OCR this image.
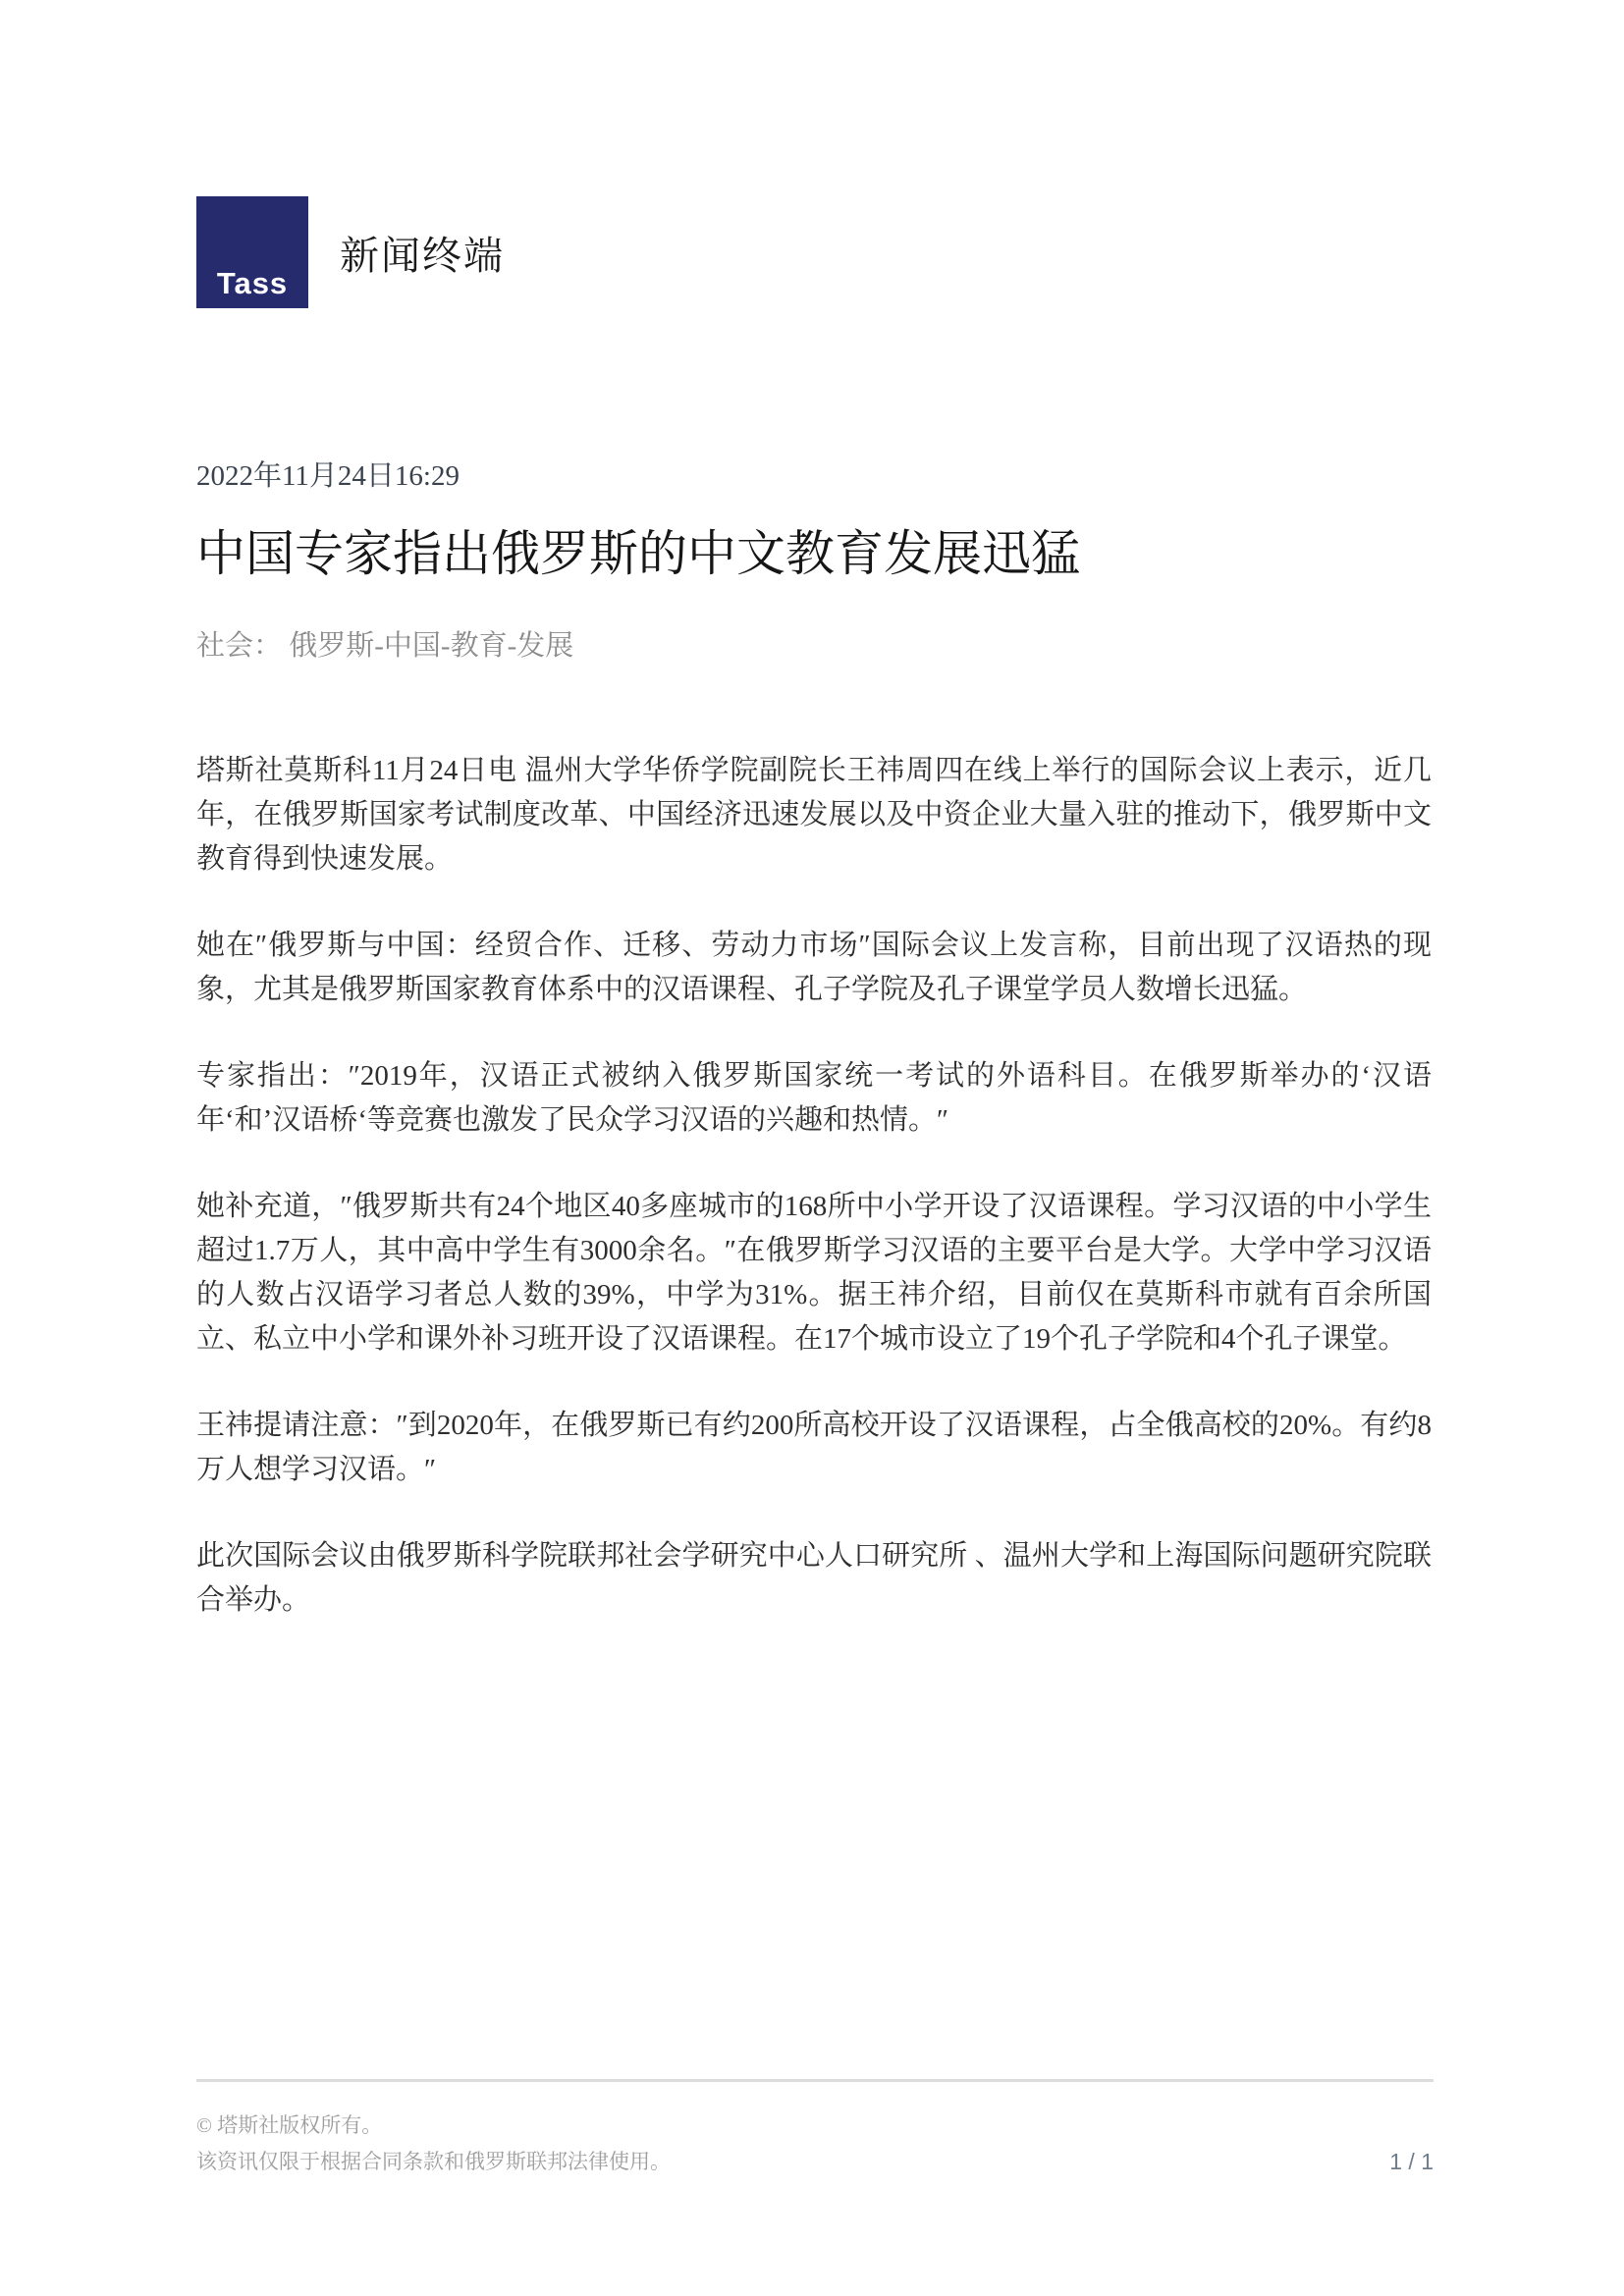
Tass
新闻终端
2022年11月24日16:29
中国专家指出俄罗斯的中文教育发展迅猛
社会： 俄罗斯-中国-教育-发展

塔斯社莫斯科11月24日电 温州大学华侨学院副院长王祎周四在线上举行的国际会议上表示，近几年，在俄罗斯国家考试制度改革、中国经济迅速发展以及中资企业大量入驻的推动下，俄罗斯中文教育得到快速发展。

她在″俄罗斯与中国：经贸合作、迁移、劳动力市场″国际会议上发言称，目前出现了汉语热的现象，尤其是俄罗斯国家教育体系中的汉语课程、孔子学院及孔子课堂学员人数增长迅猛。

专家指出：″2019年，汉语正式被纳入俄罗斯国家统一考试的外语科目。在俄罗斯举办的‘汉语年‘和’汉语桥‘等竞赛也激发了民众学习汉语的兴趣和热情。″

她补充道，″俄罗斯共有24个地区40多座城市的168所中小学开设了汉语课程。学习汉语的中小学生超过1.7万人，其中高中学生有3000余名。″在俄罗斯学习汉语的主要平台是大学。大学中学习汉语的人数占汉语学习者总人数的39%，中学为31%。据王祎介绍，目前仅在莫斯科市就有百余所国立、私立中小学和课外补习班开设了汉语课程。在17个城市设立了19个孔子学院和4个孔子课堂。

王祎提请注意：″到2020年，在俄罗斯已有约200所高校开设了汉语课程，占全俄高校的20%。有约8万人想学习汉语。″

此次国际会议由俄罗斯科学院联邦社会学研究中心人口研究所 、温州大学和上海国际问题研究院联合举办。

© 塔斯社版权所有。
该资讯仅限于根据合同条款和俄罗斯联邦法律使用。	1 / 1
